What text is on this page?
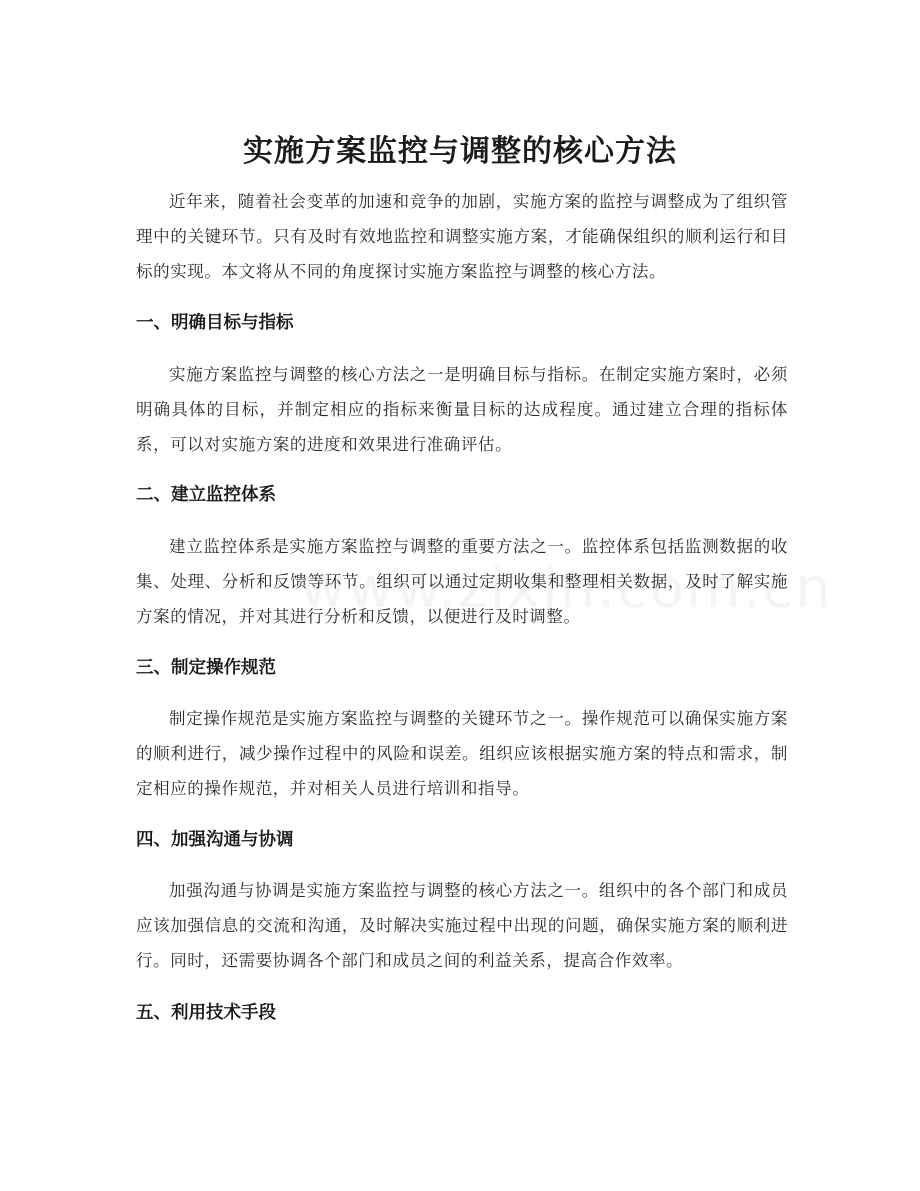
实施方案监控与调整的核心方法

近年来，随着社会变革的加速和竞争的加剧，实施方案的监控与调整成为了组织管理中的关键环节。只有及时有效地监控和调整实施方案，才能确保组织的顺利运行和目标的实现。本文将从不同的角度探讨实施方案监控与调整的核心方法。

一、明确目标与指标

实施方案监控与调整的核心方法之一是明确目标与指标。在制定实施方案时，必须明确具体的目标，并制定相应的指标来衡量目标的达成程度。通过建立合理的指标体系，可以对实施方案的进度和效果进行准确评估。

二、建立监控体系

建立监控体系是实施方案监控与调整的重要方法之一。监控体系包括监测数据的收集、处理、分析和反馈等环节。组织可以通过定期收集和整理相关数据，及时了解实施方案的情况，并对其进行分析和反馈，以便进行及时调整。

三、制定操作规范

制定操作规范是实施方案监控与调整的关键环节之一。操作规范可以确保实施方案的顺利进行，减少操作过程中的风险和误差。组织应该根据实施方案的特点和需求，制定相应的操作规范，并对相关人员进行培训和指导。

四、加强沟通与协调

加强沟通与协调是实施方案监控与调整的核心方法之一。组织中的各个部门和成员应该加强信息的交流和沟通，及时解决实施过程中出现的问题，确保实施方案的顺利进行。同时，还需要协调各个部门和成员之间的利益关系，提高合作效率。

五、利用技术手段
